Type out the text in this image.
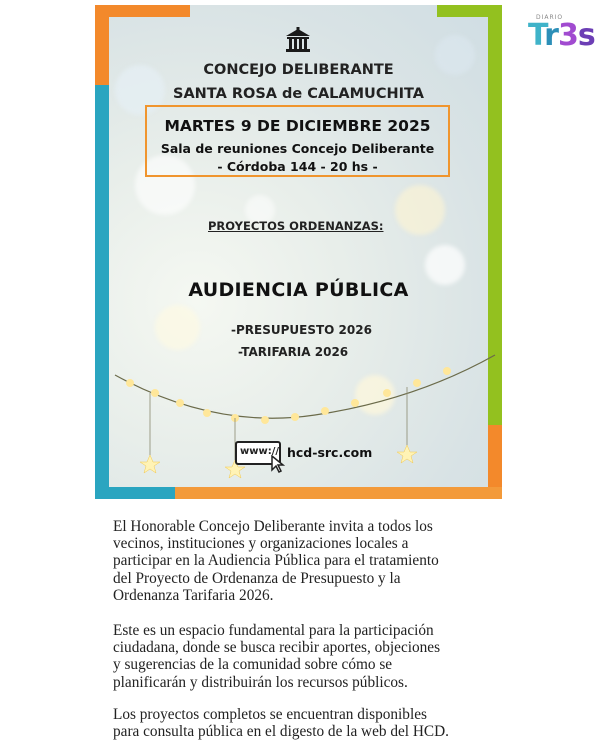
DIARIO
Tr3s
CONCEJO DELIBERANTE
SANTA ROSA de CALAMUCHITA
MARTES 9 DE DICIEMBRE 2025
Sala de reuniones Concejo Deliberante
- Córdoba 144 - 20 hs -
PROYECTOS ORDENANZAS:
AUDIENCIA PÚBLICA
-PRESUPUESTO 2026
-TARIFARIA 2026
www:// hcd-src.com

El Honorable Concejo Deliberante invita a todos los
vecinos, instituciones y organizaciones locales a
participar en la Audiencia Pública para el tratamiento
del Proyecto de Ordenanza de Presupuesto y la
Ordenanza Tarifaria 2026.

Este es un espacio fundamental para la participación
ciudadana, donde se busca recibir aportes, objeciones
y sugerencias de la comunidad sobre cómo se
planificarán y distribuirán los recursos públicos.

Los proyectos completos se encuentran disponibles
para consulta pública en el digesto de la web del HCD.
